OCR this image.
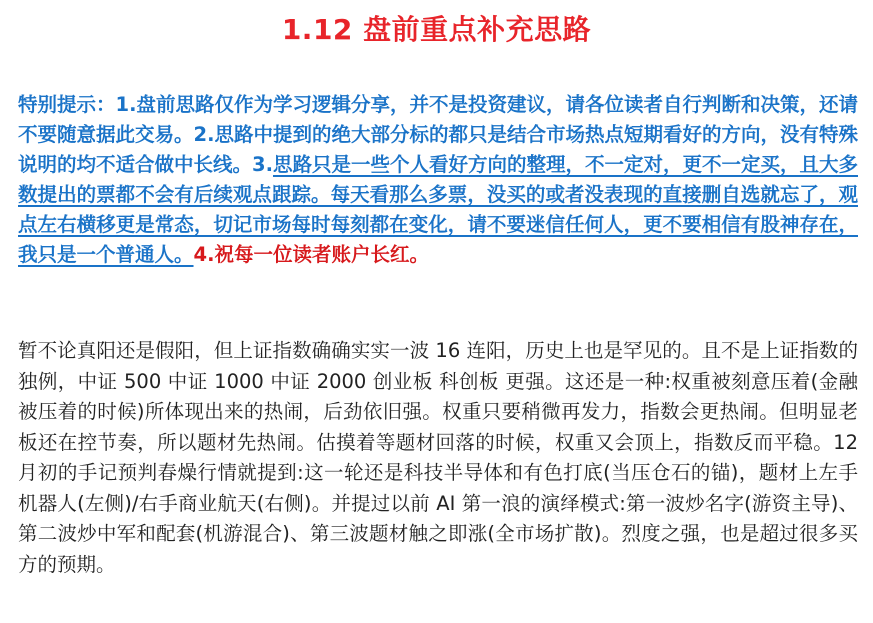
1.12 盘前重点补充思路
特别提示：1.盘前思路仅作为学习逻辑分享，并不是投资建议，请各位读者自行判断和决策，还请不要随意据此交易。2.思路中提到的绝大部分标的都只是结合市场热点短期看好的方向，没有特殊说明的均不适合做中长线。3.思路只是一些个人看好方向的整理，不一定对，更不一定买，且大多数提出的票都不会有后续观点跟踪。每天看那么多票，没买的或者没表现的直接删自选就忘了，观点左右横移更是常态，切记市场每时每刻都在变化，请不要迷信任何人，更不要相信有股神存在，我只是一个普通人。4.祝每一位读者账户长红。
暂不论真阳还是假阳，但上证指数确确实实一波 16 连阳，历史上也是罕见的。且不是上证指数的独例，中证 500 中证 1000 中证 2000 创业板 科创板 更强。这还是一种:权重被刻意压着(金融被压着的时候)所体现出来的热闹，后劲依旧强。权重只要稍微再发力，指数会更热闹。但明显老板还在控节奏，所以题材先热闹。估摸着等题材回落的时候，权重又会顶上，指数反而平稳。12 月初的手记预判春燥行情就提到:这一轮还是科技半导体和有色打底(当压仓石的锚)，题材上左手机器人(左侧)/右手商业航天(右侧)。并提过以前 AI 第一浪的演绎模式:第一波炒名字(游资主导)、第二波炒中军和配套(机游混合)、第三波题材触之即涨(全市场扩散)。烈度之强，也是超过很多买方的预期。
